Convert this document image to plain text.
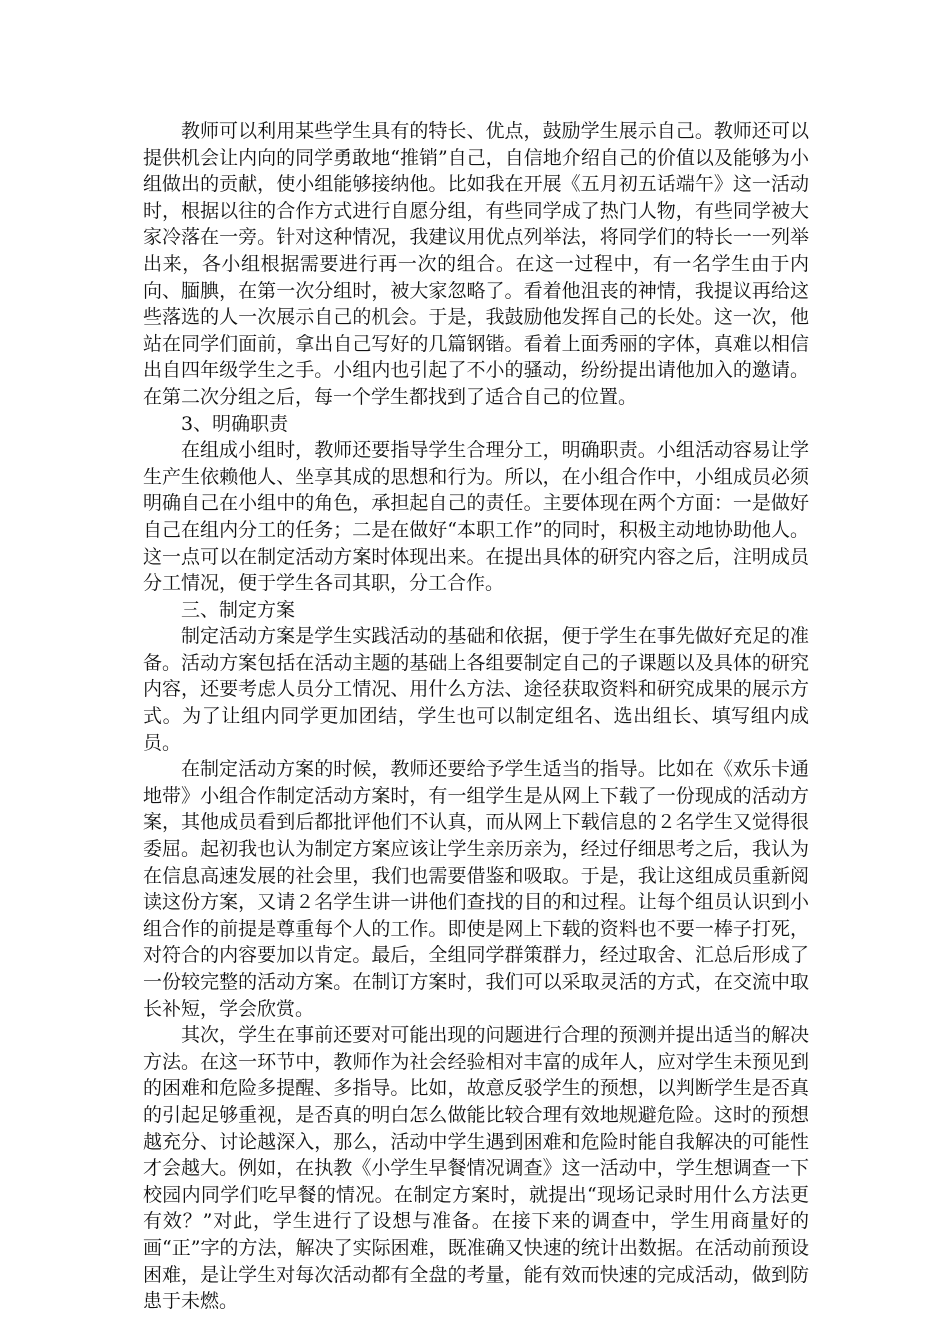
教师可以利用某些学生具有的特长、优点，鼓励学生展示自己。教师还可以提供机会让内向的同学勇敢地“推销”自己，自信地介绍自己的价值以及能够为小组做出的贡献，使小组能够接纳他。比如我在开展《五月初五话端午》这一活动时，根据以往的合作方式进行自愿分组，有些同学成了热门人物，有些同学被大家冷落在一旁。针对这种情况，我建议用优点列举法，将同学们的特长一一列举出来，各小组根据需要进行再一次的组合。在这一过程中，有一名学生由于内向、腼腆，在第一次分组时，被大家忽略了。看着他沮丧的神情，我提议再给这些落选的人一次展示自己的机会。于是，我鼓励他发挥自己的长处。这一次，他站在同学们面前，拿出自己写好的几篇钢锴。看着上面秀丽的字体，真难以相信出自四年级学生之手。小组内也引起了不小的骚动，纷纷提出请他加入的邀请。在第二次分组之后，每一个学生都找到了适合自己的位置。

3、明确职责

在组成小组时，教师还要指导学生合理分工，明确职责。小组活动容易让学生产生依赖他人、坐享其成的思想和行为。所以，在小组合作中，小组成员必须明确自己在小组中的角色，承担起自己的责任。主要体现在两个方面：一是做好自己在组内分工的任务；二是在做好“本职工作”的同时，积极主动地协助他人。这一点可以在制定活动方案时体现出来。在提出具体的研究内容之后，注明成员分工情况，便于学生各司其职，分工合作。

三、制定方案

制定活动方案是学生实践活动的基础和依据，便于学生在事先做好充足的准备。活动方案包括在活动主题的基础上各组要制定自己的子课题以及具体的研究内容，还要考虑人员分工情况、用什么方法、途径获取资料和研究成果的展示方式。为了让组内同学更加团结，学生也可以制定组名、选出组长、填写组内成员。

在制定活动方案的时候，教师还要给予学生适当的指导。比如在《欢乐卡通地带》小组合作制定活动方案时，有一组学生是从网上下载了一份现成的活动方案，其他成员看到后都批评他们不认真，而从网上下载信息的２名学生又觉得很委屈。起初我也认为制定方案应该让学生亲历亲为，经过仔细思考之后，我认为在信息高速发展的社会里，我们也需要借鉴和吸取。于是，我让这组成员重新阅读这份方案，又请２名学生讲一讲他们查找的目的和过程。让每个组员认识到小组合作的前提是尊重每个人的工作。即使是网上下载的资料也不要一棒子打死，对符合的内容要加以肯定。最后，全组同学群策群力，经过取舍、汇总后形成了一份较完整的活动方案。在制订方案时，我们可以采取灵活的方式，在交流中取长补短，学会欣赏。

其次，学生在事前还要对可能出现的问题进行合理的预测并提出适当的解决方法。在这一环节中，教师作为社会经验相对丰富的成年人，应对学生未预见到的困难和危险多提醒、多指导。比如，故意反驳学生的预想，以判断学生是否真的引起足够重视，是否真的明白怎么做能比较合理有效地规避危险。这时的预想越充分、讨论越深入，那么，活动中学生遇到困难和危险时能自我解决的可能性才会越大。例如，在执教《小学生早餐情况调查》这一活动中，学生想调查一下校园内同学们吃早餐的情况。在制定方案时，就提出“现场记录时用什么方法更有效？”对此，学生进行了设想与准备。在接下来的调查中，学生用商量好的画“正”字的方法，解决了实际困难，既准确又快速的统计出数据。在活动前预设困难，是让学生对每次活动都有全盘的考量，能有效而快速的完成活动，做到防患于未燃。
